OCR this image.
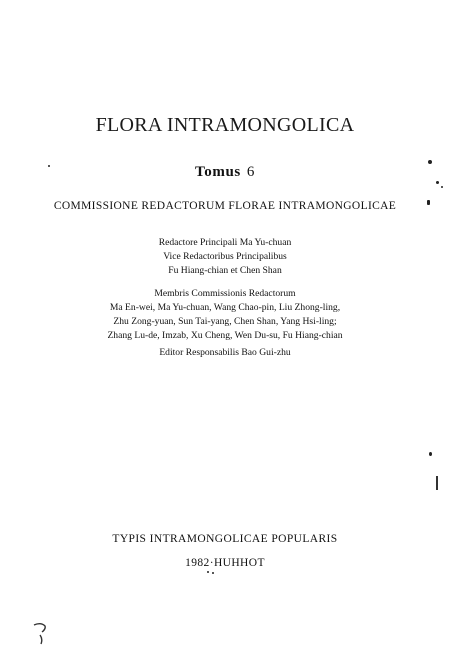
FLORA INTRAMONGOLICA
Tomus 6
COMMISSIONE REDACTORUM FLORAE INTRAMONGOLICAE
Redactore Principali Ma Yu-chuan
Vice Redactoribus Principalibus
Fu Hiang-chian et Chen Shan
Membris Commissionis Redactorum
Ma En-wei, Ma Yu-chuan, Wang Chao-pin, Liu Zhong-ling,
Zhu Zong-yuan, Sun Tai-yang, Chen Shan, Yang Hsi-ling;
Zhang Lu-de, Imzab, Xu Cheng, Wen Du-su, Fu Hiang-chian
Editor Responsabilis Bao Gui-zhu
TYPIS INTRAMONGOLICAE POPULARIS
1982·HUHHOT
